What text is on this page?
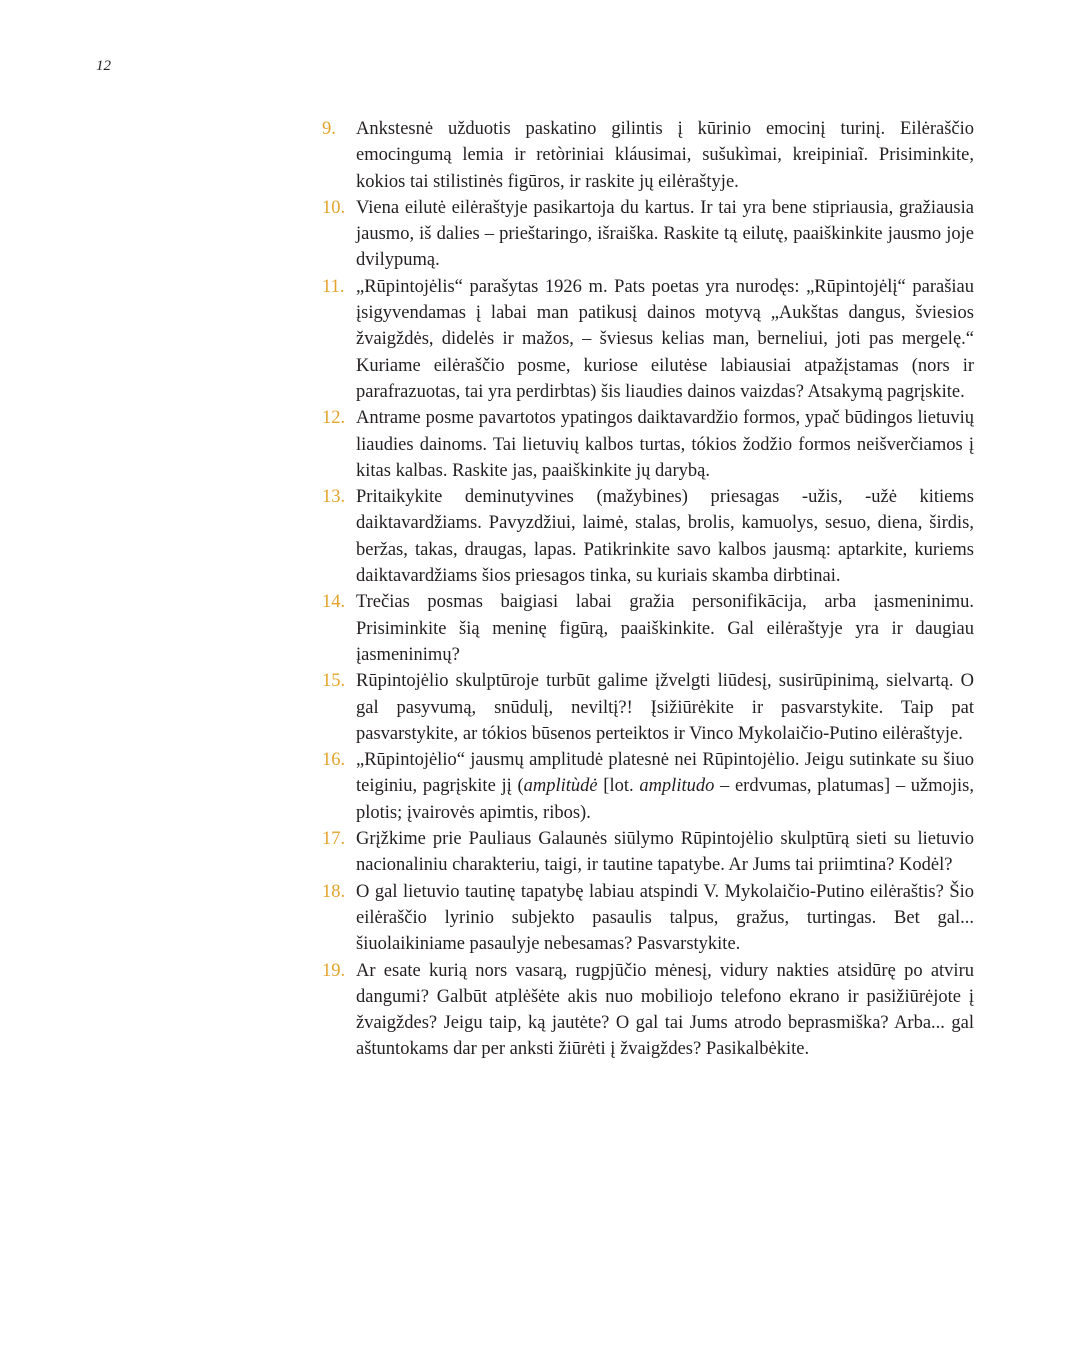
12
9.	Ankstesnė užduotis paskatino gilintis į kūrinio emocinį turinį. Eilėraščio emocingumą lemia ir retòriniai kláusimai, sušukìmai, kreipiniaĩ. Prisiminkite, kokios tai stilistinės figūros, ir raskite jų eilėraštyje.
10. Viena eilutė eilėraštyje pasikartoja du kartus. Ir tai yra bene stipriausia, gražiausia jausmo, iš dalies – prieštaringo, išraiška. Raskite tą eilutę, paaiškinkite jausmo joje dvilypumą.
11. „Rūpintojėlis“ parašytas 1926 m. Pats poetas yra nurodęs: „Rūpintojėlį“ parašiau įsigyvendamas į labai man patikusį dainos motyvą „Aukštas dangus, šviesios žvaigždės, didelės ir mažos, – šviesus kelias man, berneliui, joti pas mergelę.“ Kuriame eilėraščio posme, kuriose eilutėse labiausiai atpažįstamas (nors ir parafrazuotas, tai yra perdirbtas) šis liaudies dainos vaizdas? Atsakymą pagrįskite.
12. Antrame posme pavartotos ypatingos daiktavardžio formos, ypač būdingos lietuvių liaudies dainoms. Tai lietuvių kalbos turtas, tókios žodžio formos neišverčiamos į kitas kalbas. Raskite jas, paaiškinkite jų darybą.
13. Pritaikykite deminutyvines (mažybines) priesagas -užis, -užė kitiems daiktavardžiams. Pavyzdžiui, laimė, stalas, brolis, kamuolys, sesuo, diena, širdis, beržas, takas, draugas, lapas. Patikrinkite savo kalbos jausmą: aptarkite, kuriems daiktavardžiams šios priesagos tinka, su kuriais skamba dirbtinai.
14. Trečias posmas baigiasi labai gražia personifikācija, arba įasmeninimu. Prisiminkite šią meninę figūrą, paaiškinkite. Gal eilėraštyje yra ir daugiau įasmeninimų?
15. Rūpintojėlio skulptūroje turbūt galime įžvelgti liūdesį, susirūpinimą, sielvartą. O gal pasyvumą, snūdulį, neviltį?! Įsižiūrėkite ir pasvarstykite. Taip pat pasvarstykite, ar tókios būsenos perteiktos ir Vinco Mykolaičio-Putino eilėraštyje.
16. „Rūpintojėlio“ jausmų amplitudė platesnė nei Rūpintojėlio. Jeigu sutinkate su šiuo teiginiu, pagrįskite jį (amplitùdė [lot. amplitudo – erdvumas, platumas] – užmojis, plotis; įvairovės apimtis, ribos).
17. Grįžkime prie Pauliaus Galaunės siūlymo Rūpintojėlio skulptūrą sieti su lietuvio nacionaliniu charakteriu, taigi, ir tautine tapatybe. Ar Jums tai priimtina? Kodėl?
18. O gal lietuvio tautinę tapatybę labiau atspindi V. Mykolaičio-Putino eilėraštis? Šio eilėraščio lyrinio subjekto pasaulis talpus, gražus, turtingas. Bet gal... šiuolaikiniame pasaulyje nebesamas? Pasvarstykite.
19. Ar esate kurią nors vasarą, rugpjūčio mėnesį, vidury nakties atsidūrę po atviru dangumi? Galbūt atplėšėte akis nuo mobiliojo telefono ekrano ir pasižiūrėjote į žvaigždes? Jeigu taip, ką jautėte? O gal tai Jums atrodo beprasmiška? Arba... gal aštuntokams dar per anksti žiūrėti į žvaigždes? Pasikalbėkite.
